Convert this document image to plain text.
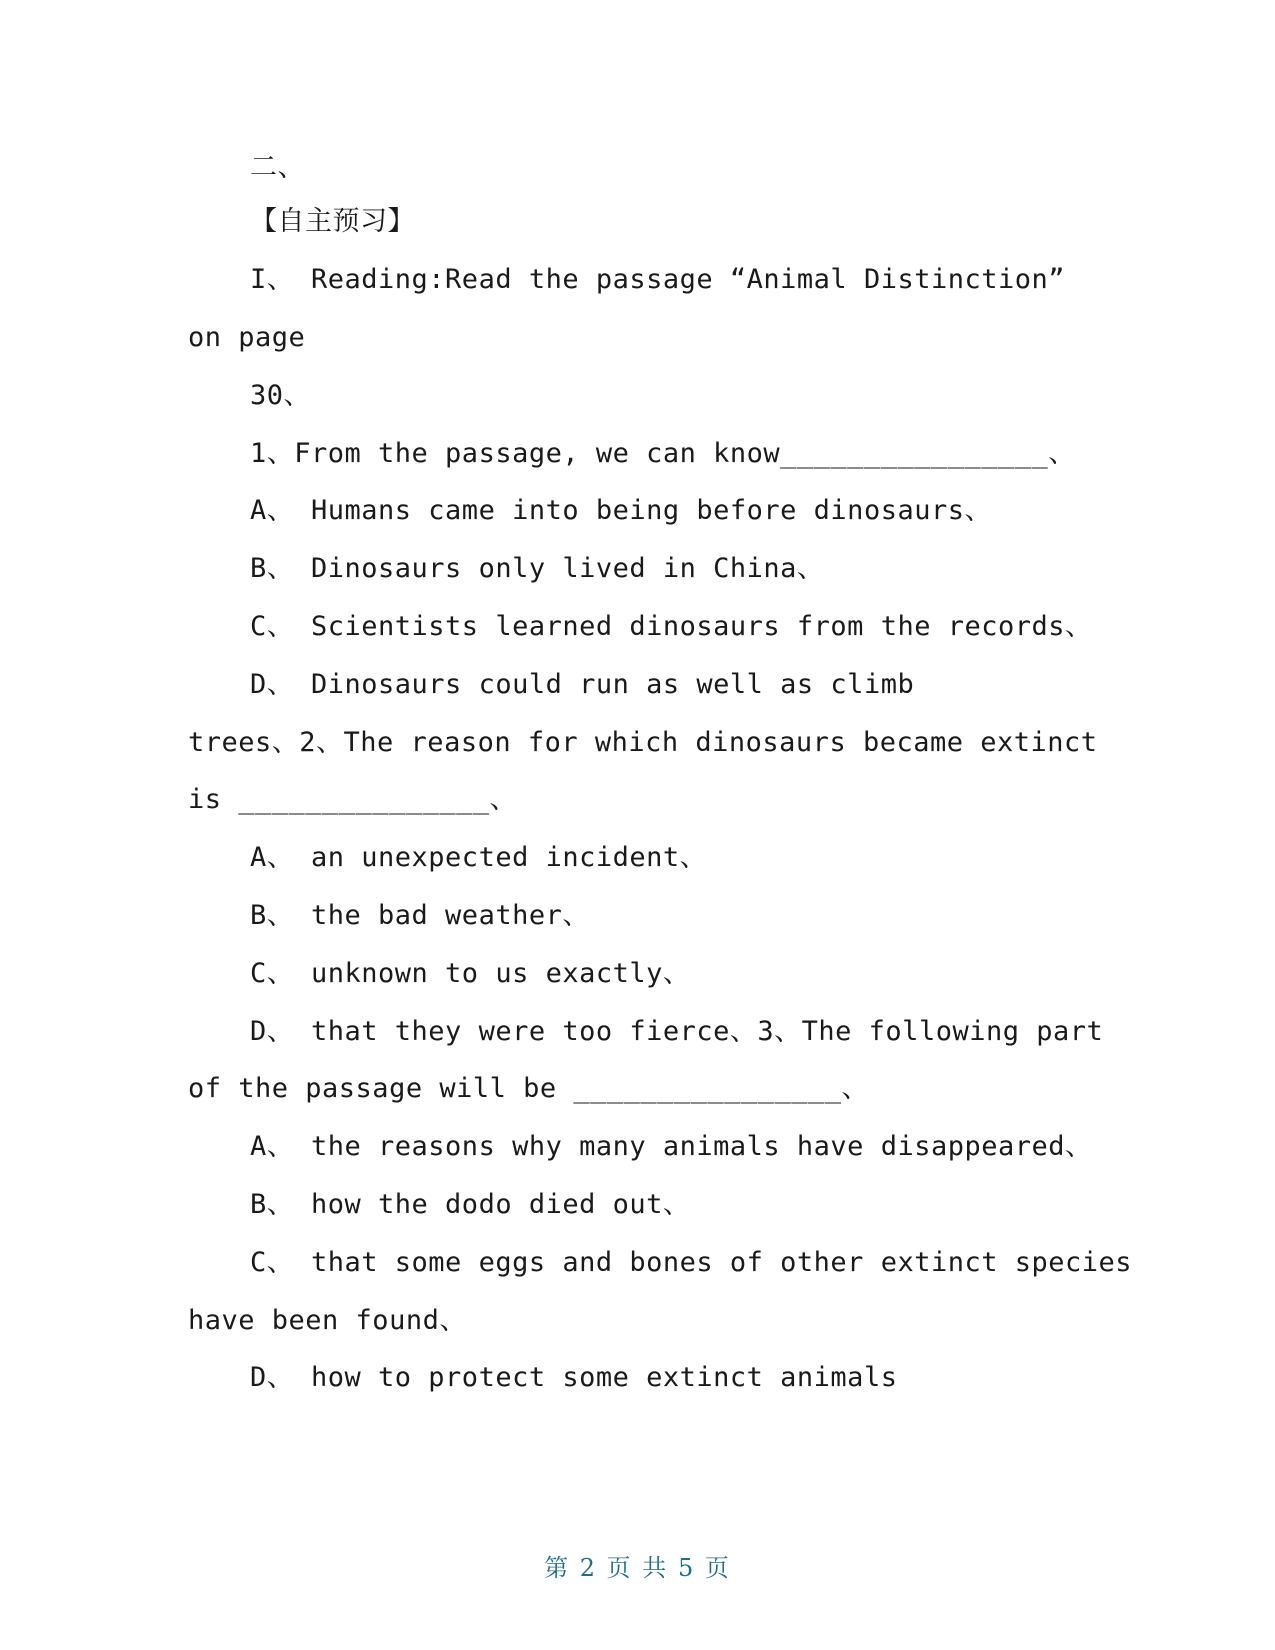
二、
【自主预习】
I、 Reading:Read the passage “Animal Distinction”
on page
30、
1、From the passage, we can know________________、
A、 Humans came into being before dinosaurs、
B、 Dinosaurs only lived in China、
C、 Scientists learned dinosaurs from the records、
D、 Dinosaurs could run as well as climb
trees、2、The reason for which dinosaurs became extinct
is _______________、
A、 an unexpected incident、
B、 the bad weather、
C、 unknown to us exactly、
D、 that they were too fierce、3、The following part
of the passage will be ________________、
A、 the reasons why many animals have disappeared、
B、 how the dodo died out、
C、 that some eggs and bones of other extinct species
have been found、
D、 how to protect some extinct animals
第 2 页 共 5 页
